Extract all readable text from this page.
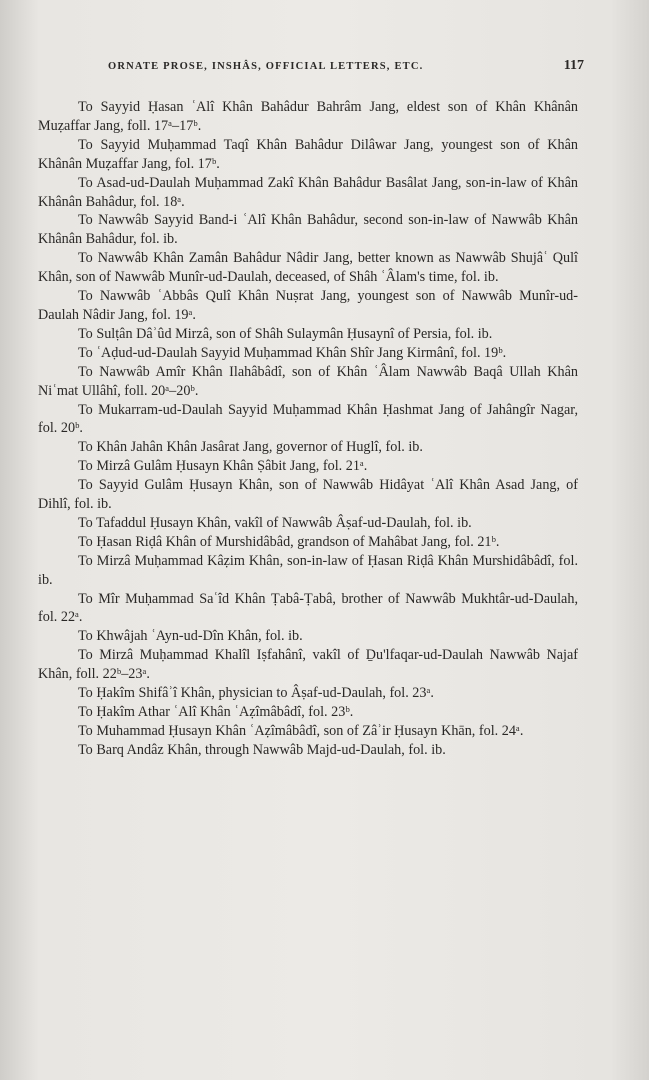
ORNATE PROSE, INSHÂS, OFFICIAL LETTERS, ETC.	117

To Sayyid Ḥasan ʿAlî Khân Bahâdur Bahrâm Jang, eldest son of Khân Khânân Muẓaffar Jang, foll. 17ᵃ–17ᵇ.

To Sayyid Muḥammad Taqî Khân Bahâdur Dilâwar Jang, youngest son of Khân Khânân Muẓaffar Jang, fol. 17ᵇ.

To Asad-ud-Daulah Muḥammad Zakî Khân Bahâdur Basâlat Jang, son-in-law of Khân Khânân Bahâdur, fol. 18ᵃ.

To Nawwâb Sayyid Band-i ʿAlî Khân Bahâdur, second son-in-law of Nawwâb Khân Khânân Bahâdur, fol. ib.

To Nawwâb Khân Zamân Bahâdur Nâdir Jang, better known as Nawwâb Shujâʿ Qulî Khân, son of Nawwâb Munîr-ud-Daulah, deceased, of Shâh ʿÂlam's time, fol. ib.

To Nawwâb ʿAbbâs Qulî Khân Nuṣrat Jang, youngest son of Nawwâb Munîr-ud-Daulah Nâdir Jang, fol. 19ᵃ.

To Sulṭân Dâʾûd Mirzâ, son of Shâh Sulaymân Ḥusaynî of Persia, fol. ib.

To ʿAḍud-ud-Daulah Sayyid Muḥammad Khân Shîr Jang Kirmânî, fol. 19ᵇ.

To Nawwâb Amîr Khân Ilahâbâdî, son of Khân ʿÂlam Nawwâb Baqâ Ullah Khân Niʿmat Ullâhî, foll. 20ᵃ–20ᵇ.

To Mukarram-ud-Daulah Sayyid Muḥammad Khân Ḥashmat Jang of Jahângîr Nagar, fol. 20ᵇ.

To Khân Jahân Khân Jasârat Jang, governor of Huglî, fol. ib.

To Mirzâ Gulâm Ḥusayn Khân Ṣâbit Jang, fol. 21ᵃ.

To Sayyid Gulâm Ḥusayn Khân, son of Nawwâb Hidâyat ʿAlî Khân Asad Jang, of Dihlî, fol. ib.

To Tafaddul Ḥusayn Khân, vakîl of Nawwâb Âṣaf-ud-Daulah, fol. ib.

To Ḥasan Riḍâ Khân of Murshidâbâd, grandson of Mahâbat Jang, fol. 21ᵇ.

To Mirzâ Muḥammad Kâẓim Khân, son-in-law of Ḥasan Riḍâ Khân Murshidâbâdî, fol. ib.

To Mîr Muḥammad Saʿîd Khân Ṭabâ-Ṭabâ, brother of Nawwâb Mukhtâr-ud-Daulah, fol. 22ᵃ.

To Khwâjah ʿAyn-ud-Dîn Khân, fol. ib.

To Mirzâ Muḥammad Khalîl Iṣfahânî, vakîl of Ḏu'lfaqar-ud-Daulah Nawwâb Najaf Khân, foll. 22ᵇ–23ᵃ.

To Ḥakîm Shifâʾî Khân, physician to Âṣaf-ud-Daulah, fol. 23ᵃ.

To Ḥakîm Athar ʿAlî Khân ʿAẓîmâbâdî, fol. 23ᵇ.

To Muhammad Ḥusayn Khân ʿAẓîmâbâdî, son of Zâʾir Ḥusayn Khān, fol. 24ᵃ.

To Barq Andâz Khân, through Nawwâb Majd-ud-Daulah, fol. ib.
